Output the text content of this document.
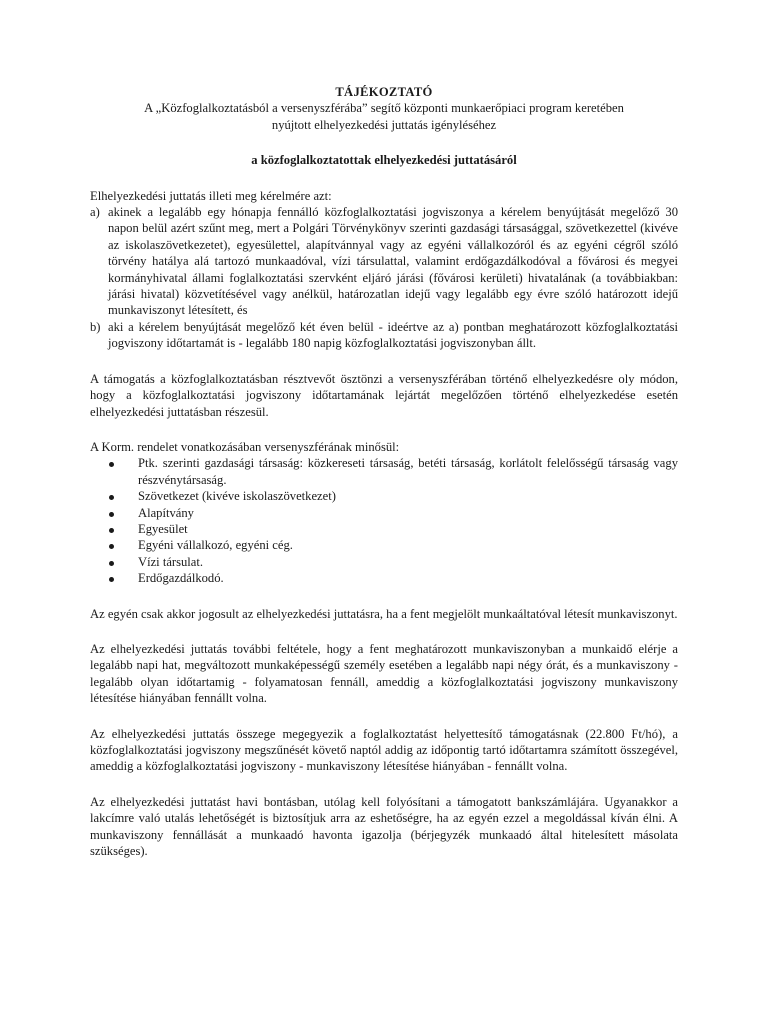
TÁJÉKOZTATÓ

A „Közfoglalkoztatásból a versenyszférába” segítő központi munkaerőpiaci program keretében

nyújtott elhelyezkedési juttatás igényléséhez

a közfoglalkoztatottak elhelyezkedési juttatásáról

Elhelyezkedési juttatás illeti meg kérelmére azt:

a) akinek a legalább egy hónapja fennálló közfoglalkoztatási jogviszonya a kérelem benyújtását megelőző 30 napon belül azért szűnt meg, mert a Polgári Törvénykönyv szerinti gazdasági társasággal, szövetkezettel (kivéve az iskolaszövetkezetet), egyesülettel, alapítvánnyal vagy az egyéni vállalkozóról és az egyéni cégről szóló törvény hatálya alá tartozó munkaadóval, vízi társulattal, valamint erdőgazdálkodóval a fővárosi és megyei kormányhivatal állami foglalkoztatási szervként eljáró járási (fővárosi kerületi) hivatalának (a továbbiakban: járási hivatal) közvetítésével vagy anélkül, határozatlan idejű vagy legalább egy évre szóló határozott idejű munkaviszonyt létesített, és
b) aki a kérelem benyújtását megelőző két éven belül - ideértve az a) pontban meghatározott közfoglalkoztatási jogviszony időtartamát is - legalább 180 napig közfoglalkoztatási jogviszonyban állt.

A támogatás a közfoglalkoztatásban résztvevőt ösztönzi a versenyszférában történő elhelyezkedésre oly módon, hogy a közfoglalkoztatási jogviszony időtartamának lejártát megelőzően történő elhelyezkedése esetén elhelyezkedési juttatásban részesül.

A Korm. rendelet vonatkozásában versenyszférának minősül:

Ptk. szerinti gazdasági társaság: közkereseti társaság, betéti társaság, korlátolt felelősségű társaság vagy részvénytársaság.
Szövetkezet (kivéve iskolaszövetkezet)
Alapítvány
Egyesület
Egyéni vállalkozó, egyéni cég.
Vízi társulat.
Erdőgazdálkodó.

Az egyén csak akkor jogosult az elhelyezkedési juttatásra, ha a fent megjelölt munkaáltatóval létesít munkaviszonyt.

Az elhelyezkedési juttatás további feltétele, hogy a fent meghatározott munkaviszonyban a munkaidő elérje a legalább napi hat, megváltozott munkaképességű személy esetében a legalább napi négy órát, és a munkaviszony - legalább olyan időtartamig - folyamatosan fennáll, ameddig a közfoglalkoztatási jogviszony munkaviszony létesítése hiányában fennállt volna.

Az elhelyezkedési juttatás összege megegyezik a foglalkoztatást helyettesítő támogatásnak (22.800 Ft/hó), a közfoglalkoztatási jogviszony megszűnését követő naptól addig az időpontig tartó időtartamra számított összegével, ameddig a közfoglalkoztatási jogviszony - munkaviszony létesítése hiányában - fennállt volna.

Az elhelyezkedési juttatást havi bontásban, utólag kell folyósítani a támogatott bankszámlájára. Ugyanakkor a lakcímre való utalás lehetőségét is biztosítjuk arra az eshetőségre, ha az egyén ezzel a megoldással kíván élni. A munkaviszony fennállását a munkaadó havonta igazolja (bérjegyzék munkaadó által hitelesített másolata szükséges).
